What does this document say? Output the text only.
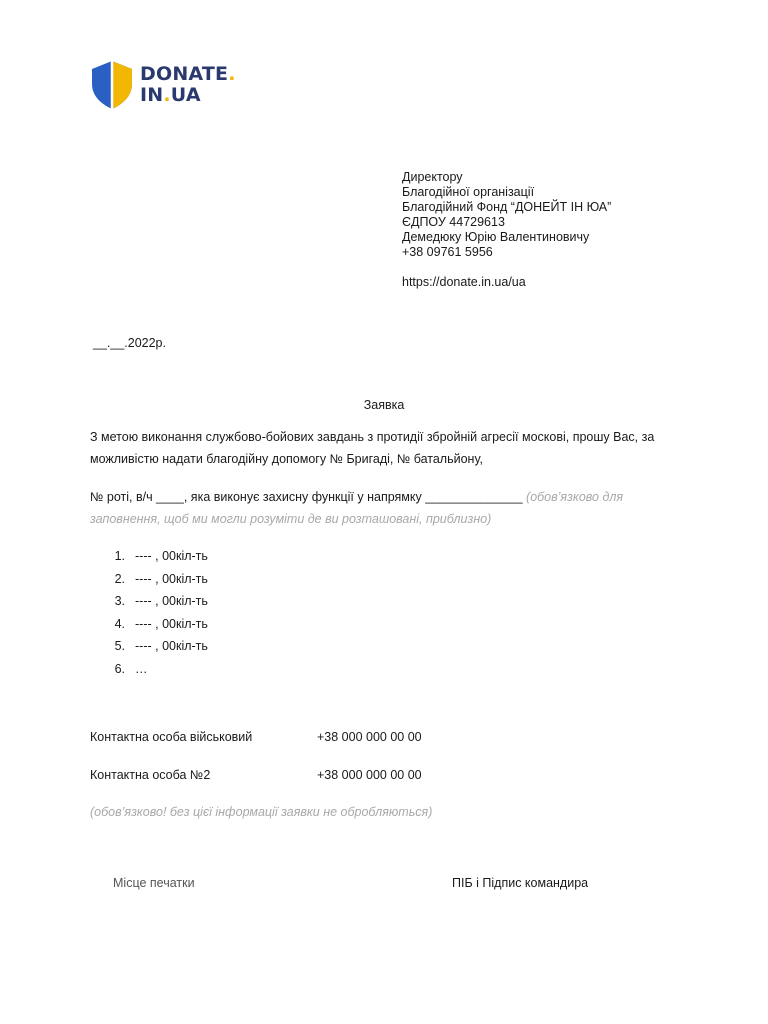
DONATE.
IN.UA
Директору
Благодійної організації
Благодійний Фонд “ДОНЕЙТ ІН ЮА”
ЄДПОУ 44729613
Демедюку Юрію Валентиновичу
+38 09761 5956
https://donate.in.ua/ua
__.__.2022р.
Заявка
З метою виконання службово-бойових завдань з протидії збройній агресії москові, прошу Вас, за можливістю надати благодійну допомогу № Бригаді, № батальйону,
№ роті, в/ч ____, яка виконує захисну функції у напрямку ______________ (обов’язково для заповнення, щоб ми могли розуміти де ви розташовані, приблизно)
1. ---- , 00кіл-ть
2. ---- , 00кіл-ть
3. ---- , 00кіл-ть
4. ---- , 00кіл-ть
5. ---- , 00кіл-ть
6. …
Контактна особа військовий	+38 000 000 00 00
Контактна особа №2	+38 000 000 00 00
(обов’язково! без цієї інформації заявки не обробляються)
Місце печатки	ПІБ і Підпис командира
